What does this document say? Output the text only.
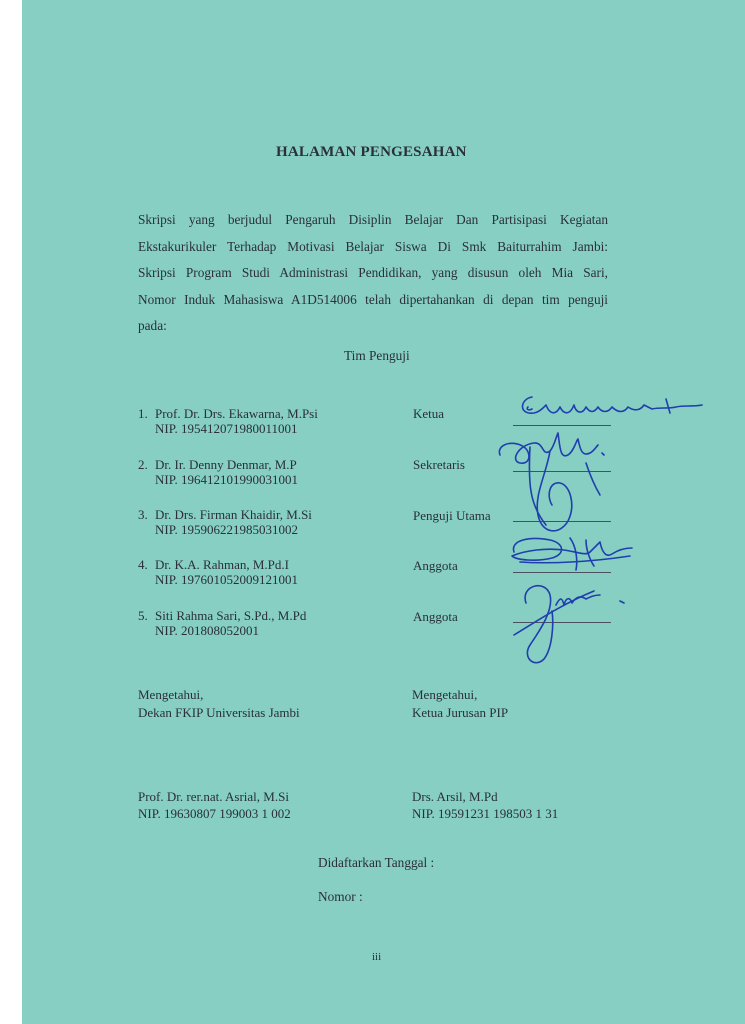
HALAMAN PENGESAHAN
Skripsi yang berjudul Pengaruh Disiplin Belajar Dan Partisipasi Kegiatan
Ekstakurikuler Terhadap Motivasi Belajar Siswa Di Smk Baiturrahim Jambi:
Skripsi Program Studi Administrasi Pendidikan, yang disusun oleh Mia Sari,
Nomor Induk Mahasiswa A1D514006 telah dipertahankan di depan tim penguji
pada:
Tim Penguji
1. Prof. Dr. Drs. Ekawarna, M.Psi
NIP. 195412071980011001
Ketua
2. Dr. Ir. Denny Denmar, M.P
NIP. 196412101990031001
Sekretaris
3. Dr. Drs. Firman Khaidir, M.Si
NIP. 195906221985031002
Penguji Utama
4. Dr. K.A. Rahman, M.Pd.I
NIP. 197601052009121001
Anggota
5. Siti Rahma Sari, S.Pd., M.Pd
NIP. 201808052001
Anggota
Mengetahui,
Dekan FKIP Universitas Jambi
Mengetahui,
Ketua Jurusan PIP
Prof. Dr. rer.nat. Asrial, M.Si
NIP. 19630807 199003 1 002
Drs. Arsil, M.Pd
NIP. 19591231 198503 1 31
Didaftarkan Tanggal :
Nomor :
iii
